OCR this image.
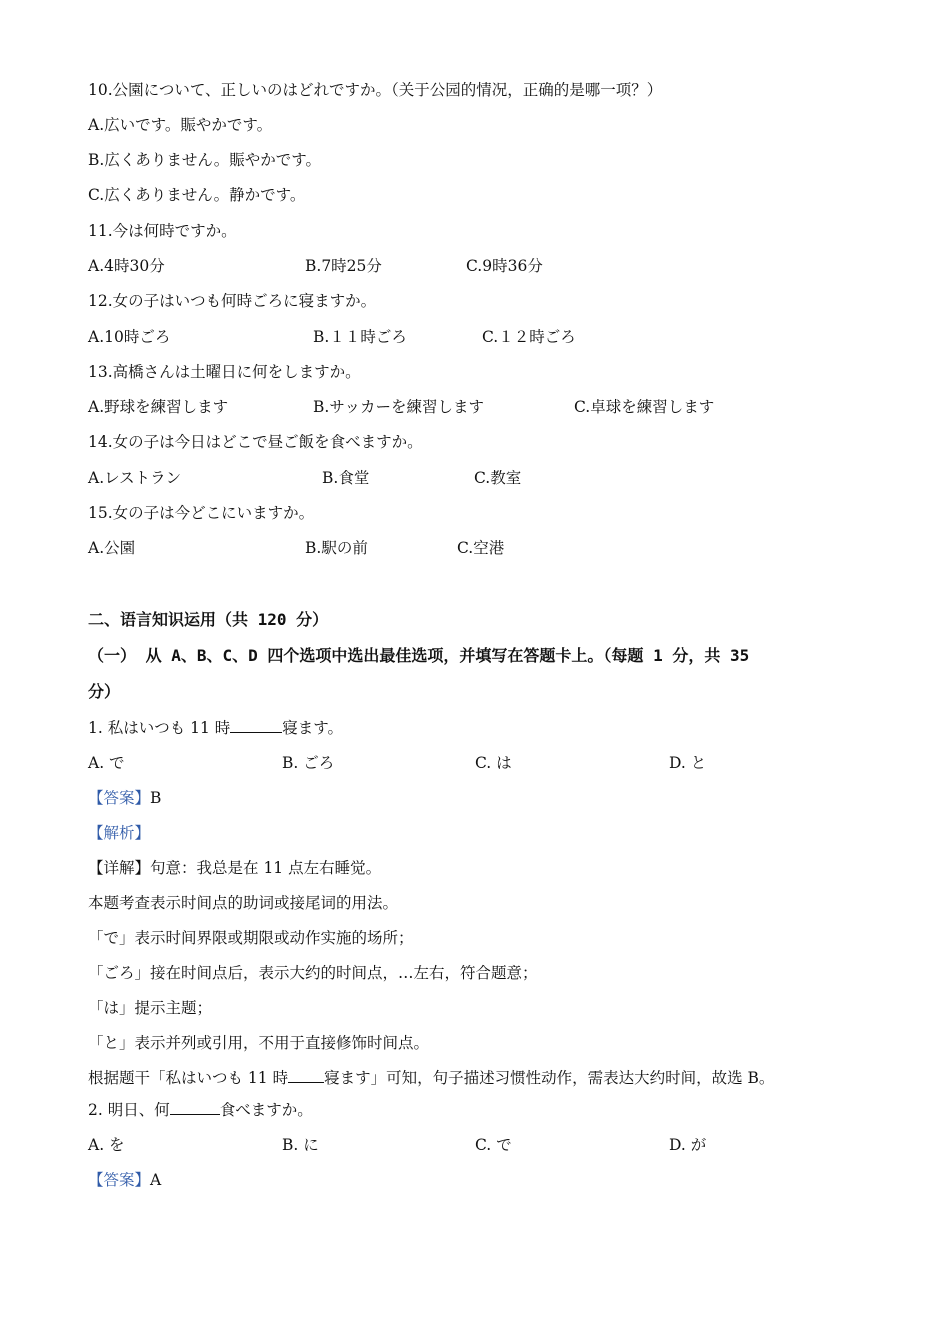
10.公園について、正しいのはどれですか。（关于公园的情况，正确的是哪一项？）
A.広いです。賑やかです。
B.広くありません。賑やかです。
C.広くありません。静かです。
11.今は何時ですか。
A.4時30分	B.7時25分	C.9時36分
12.女の子はいつも何時ごろに寝ますか。
A.10時ごろ	B.１１時ごろ	C.１２時ごろ
13.高橋さんは土曜日に何をしますか。
A.野球を練習します	B.サッカーを練習します	C.卓球を練習します
14.女の子は今日はどこで昼ご飯を食べますか。
A.レストラン	B.食堂	C.教室
15.女の子は今どこにいますか。
A.公園	B.駅の前	C.空港
二、语言知识运用（共 120 分）
（一） 从 A、B、C、D 四个选项中选出最佳选项，并填写在答题卡上。（每题 1 分，共 35
分）
1. 私はいつも 11 時	寝ます。
A. で	B. ごろ	C. は	D. と
【答案】B
【解析】
【详解】句意：我总是在 11 点左右睡觉。
本题考查表示时间点的助词或接尾词的用法。
「で」表示时间界限或期限或动作实施的场所；
「ごろ」接在时间点后，表示大约的时间点，…左右，符合题意；
「は」提示主题；
「と」表示并列或引用，不用于直接修饰时间点。
根据题干「私はいつも 11 時 寝ます」可知，句子描述习惯性动作，需表达大约时间，故选 B。
2. 明日、何	食べますか。
A. を	B. に	C. で	D. が
【答案】A
